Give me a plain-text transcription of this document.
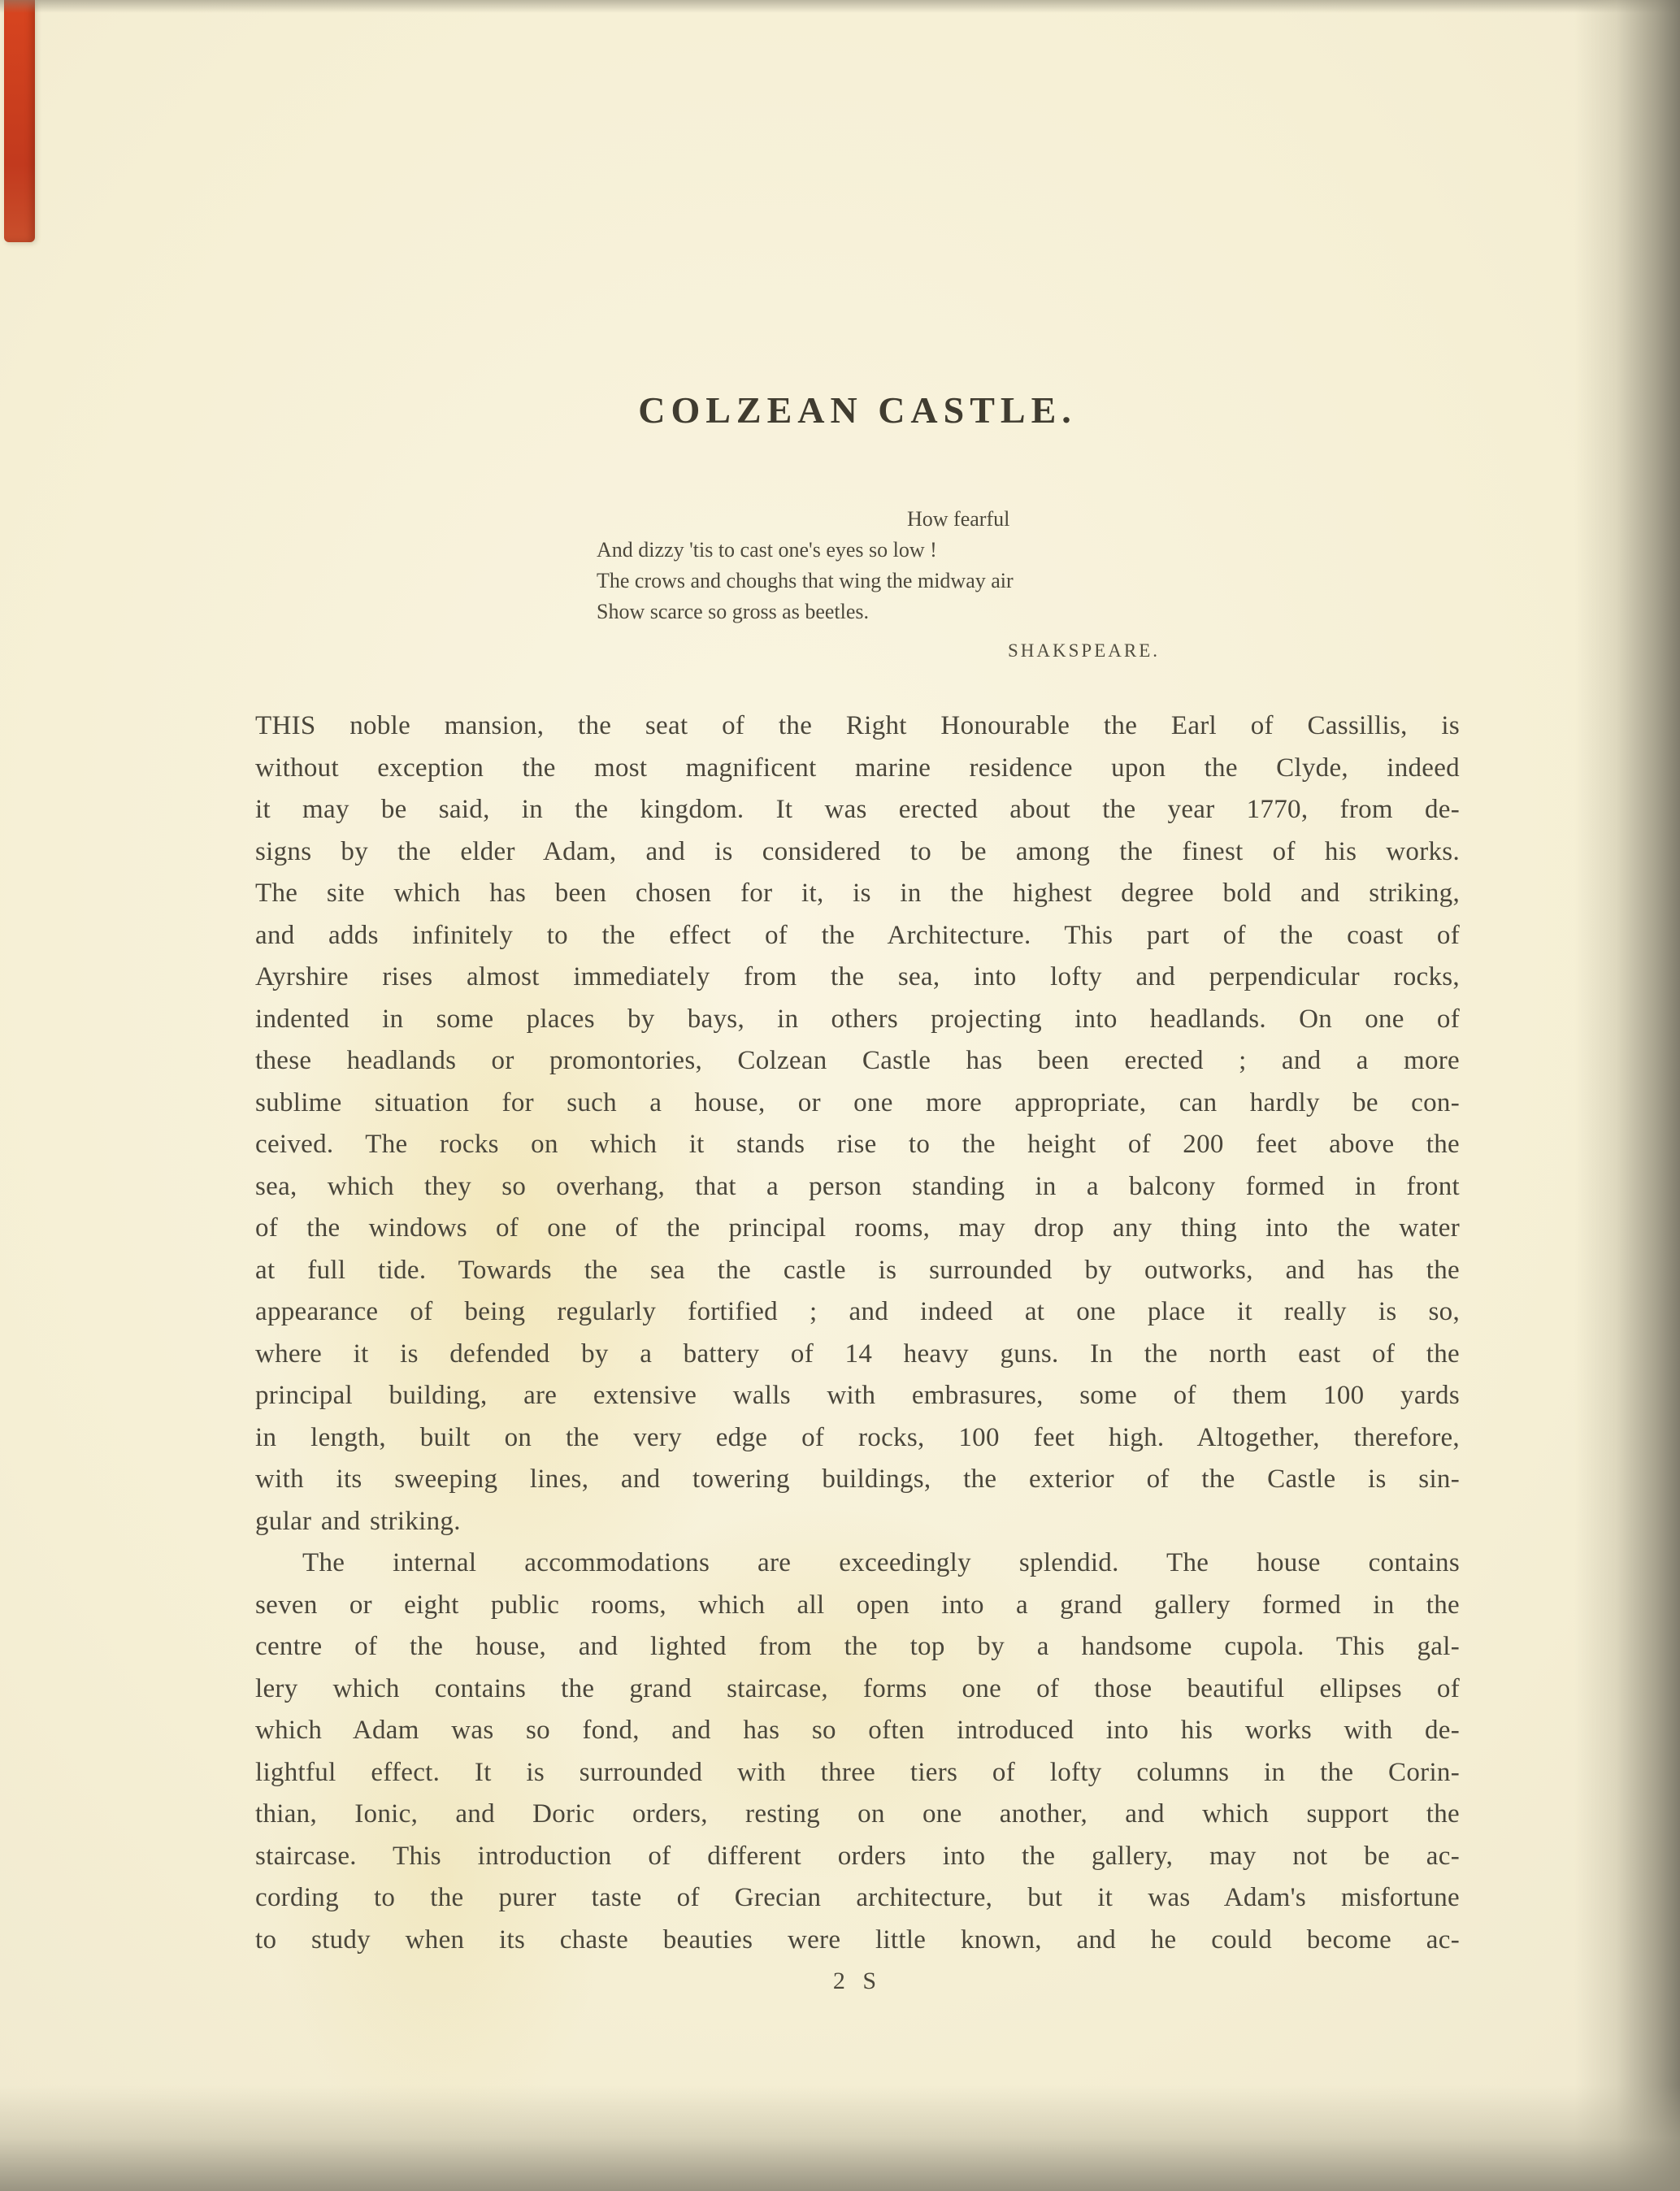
COLZEAN CASTLE.
How fearful
And dizzy 'tis to cast one's eyes so low !
The crows and choughs that wing the midway air
Show scarce so gross as beetles.
SHAKSPEARE.
THIS noble mansion, the seat of the Right Honourable the Earl of Cassillis, is
without exception the most magnificent marine residence upon the Clyde, indeed
it may be said, in the kingdom. It was erected about the year 1770, from de-
signs by the elder Adam, and is considered to be among the finest of his works.
The site which has been chosen for it, is in the highest degree bold and striking,
and adds infinitely to the effect of the Architecture. This part of the coast of
Ayrshire rises almost immediately from the sea, into lofty and perpendicular rocks,
indented in some places by bays, in others projecting into headlands. On one of
these headlands or promontories, Colzean Castle has been erected ; and a more
sublime situation for such a house, or one more appropriate, can hardly be con-
ceived. The rocks on which it stands rise to the height of 200 feet above the
sea, which they so overhang, that a person standing in a balcony formed in front
of the windows of one of the principal rooms, may drop any thing into the water
at full tide. Towards the sea the castle is surrounded by outworks, and has the
appearance of being regularly fortified ; and indeed at one place it really is so,
where it is defended by a battery of 14 heavy guns. In the north east of the
principal building, are extensive walls with embrasures, some of them 100 yards
in length, built on the very edge of rocks, 100 feet high. Altogether, therefore,
with its sweeping lines, and towering buildings, the exterior of the Castle is sin-
gular and striking.
The internal accommodations are exceedingly splendid. The house contains
seven or eight public rooms, which all open into a grand gallery formed in the
centre of the house, and lighted from the top by a handsome cupola. This gal-
lery which contains the grand staircase, forms one of those beautiful ellipses of
which Adam was so fond, and has so often introduced into his works with de-
lightful effect. It is surrounded with three tiers of lofty columns in the Corin-
thian, Ionic, and Doric orders, resting on one another, and which support the
staircase. This introduction of different orders into the gallery, may not be ac-
cording to the purer taste of Grecian architecture, but it was Adam's misfortune
to study when its chaste beauties were little known, and he could become ac-
2 S
